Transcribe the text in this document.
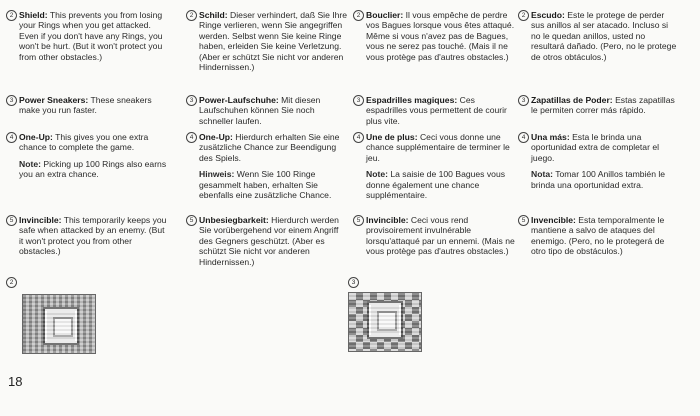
2 Shield: This prevents you from losing your Rings when you get attacked. Even if you don't have any Rings, you won't be hurt. (But it won't protect you from other obstacles.)
3 Power Sneakers: These sneakers make you run faster.
4 One-Up: This gives you one extra chance to complete the game.
Note: Picking up 100 Rings also earns you an extra chance.
5 Invincible: This temporarily keeps you safe when attacked by an enemy. (But it won't protect you from other obstacles.)
2 Schild: Dieser verhindert, daß Sie Ihre Ringe verlieren, wenn Sie angegriffen werden. Selbst wenn Sie keine Ringe haben, erleiden Sie keine Verletzung. (Aber er schützt Sie nicht vor anderen Hindernissen.)
3 Power-Laufschuhe: Mit diesen Laufschuhen können Sie noch schneller laufen.
4 One-Up: Hierdurch erhalten Sie eine zusätzliche Chance zur Beendigung des Spiels.
Hinweis: Wenn Sie 100 Ringe gesammelt haben, erhalten Sie ebenfalls eine zusätzliche Chance.
5 Unbesiegbarkeit: Hierdurch werden Sie vorübergehend vor einem Angriff des Gegners geschützt. (Aber es schützt Sie nicht vor anderen Hindernissen.)
2 Bouclier: Il vous empêche de perdre vos Bagues lorsque vous êtes attaqué. Même si vous n'avez pas de Bagues, vous ne serez pas touché. (Mais il ne vous protège pas d'autres obstacles.)
3 Espadrilles magiques: Ces espadrilles vous permettent de courir plus vite.
4 Une de plus: Ceci vous donne une chance supplémentaire de terminer le jeu.
Note: La saisie de 100 Bagues vous donne également une chance supplémentaire.
5 Invincible: Ceci vous rend provisoirement invulnérable lorsqu'attaqué par un ennemi. (Mais ne vous protège pas d'autres obstacles.)
2 Escudo: Este le protege de perder sus anillos al ser atacado. Incluso si no le quedan anillos, usted no resultará dañado. (Pero, no le protege de otros obtáculos.)
3 Zapatillas de Poder: Estas zapatillas le permiten correr más rápido.
4 Una más: Esta le brinda una oportunidad extra de completar el juego.
Nota: Tomar 100 Anillos también le brinda una oportunidad extra.
5 Invencible: Esta temporalmente le mantiene a salvo de ataques del enemigo. (Pero, no le protegerá de otro tipo de obstáculos.)
2	3
18
